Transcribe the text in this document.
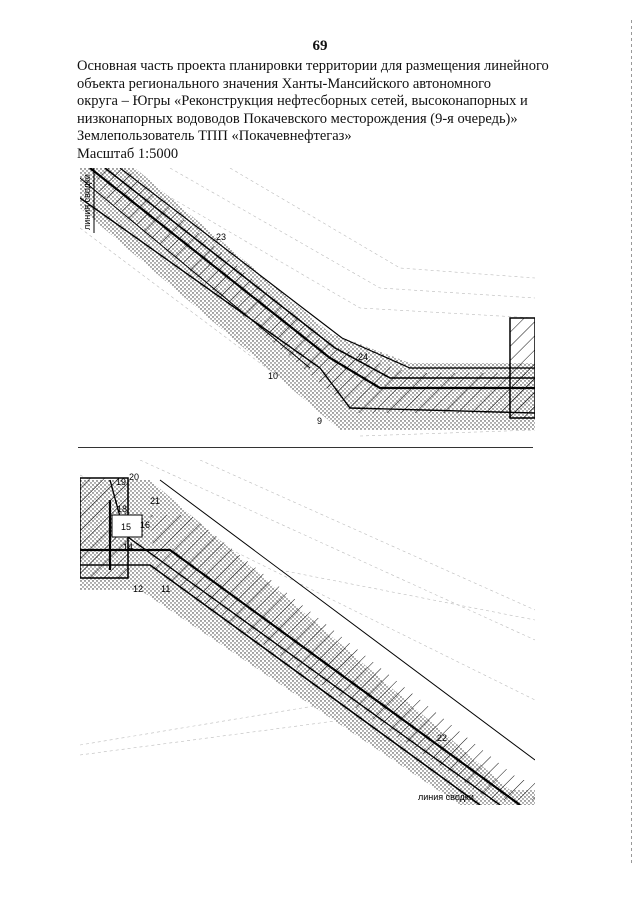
69
Основная часть проекта планировки территории для размещения линейного
объекта регионального значения Ханты-Мансийского автономного
округа – Югры «Реконструкция нефтесборных сетей, высоконапорных и
низконапорных водоводов Покачевского месторождения (9-я очередь)»
Землепользователь ТПП «Покачевнефтегаз»
Масштаб 1:5000
линия сводки
23
24
10
9
19 20
18
21
15 16
14
12 11
22
линия сводки
